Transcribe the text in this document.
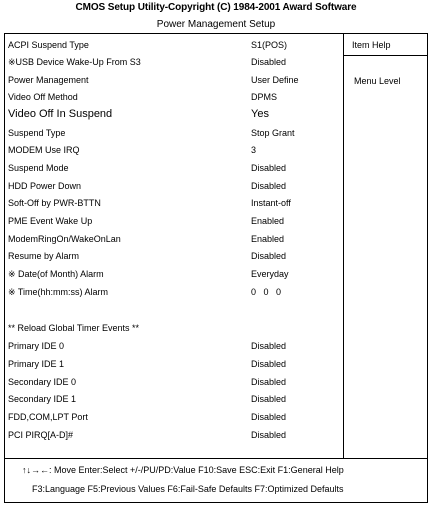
CMOS Setup Utility-Copyright (C) 1984-2001 Award Software
Power Management Setup
Item Help
Menu Level
ACPI Suspend Type	S1(POS)
※USB Device Wake-Up From S3	Disabled
Power Management	User Define
Video Off Method	DPMS
Video Off In Suspend	Yes
Suspend Type	Stop Grant
MODEM Use IRQ	3
Suspend Mode	Disabled
HDD Power Down	Disabled
Soft-Off by PWR-BTTN	Instant-off
PME Event Wake Up	Enabled
ModemRingOn/WakeOnLan	Enabled
Resume by Alarm	Disabled
※ Date(of Month) Alarm	Everyday
※ Time(hh:mm:ss) Alarm	0   0   0
** Reload Global Timer Events **
Primary IDE 0	Disabled
Primary IDE 1	Disabled
Secondary IDE 0	Disabled
Secondary IDE 1	Disabled
FDD,COM,LPT Port	Disabled
PCI PIRQ[A-D]#	Disabled
↑↓→←: Move Enter:Select +/-/PU/PD:Value F10:Save ESC:Exit F1:General Help
F3:Language F5:Previous Values F6:Fail-Safe Defaults F7:Optimized Defaults
